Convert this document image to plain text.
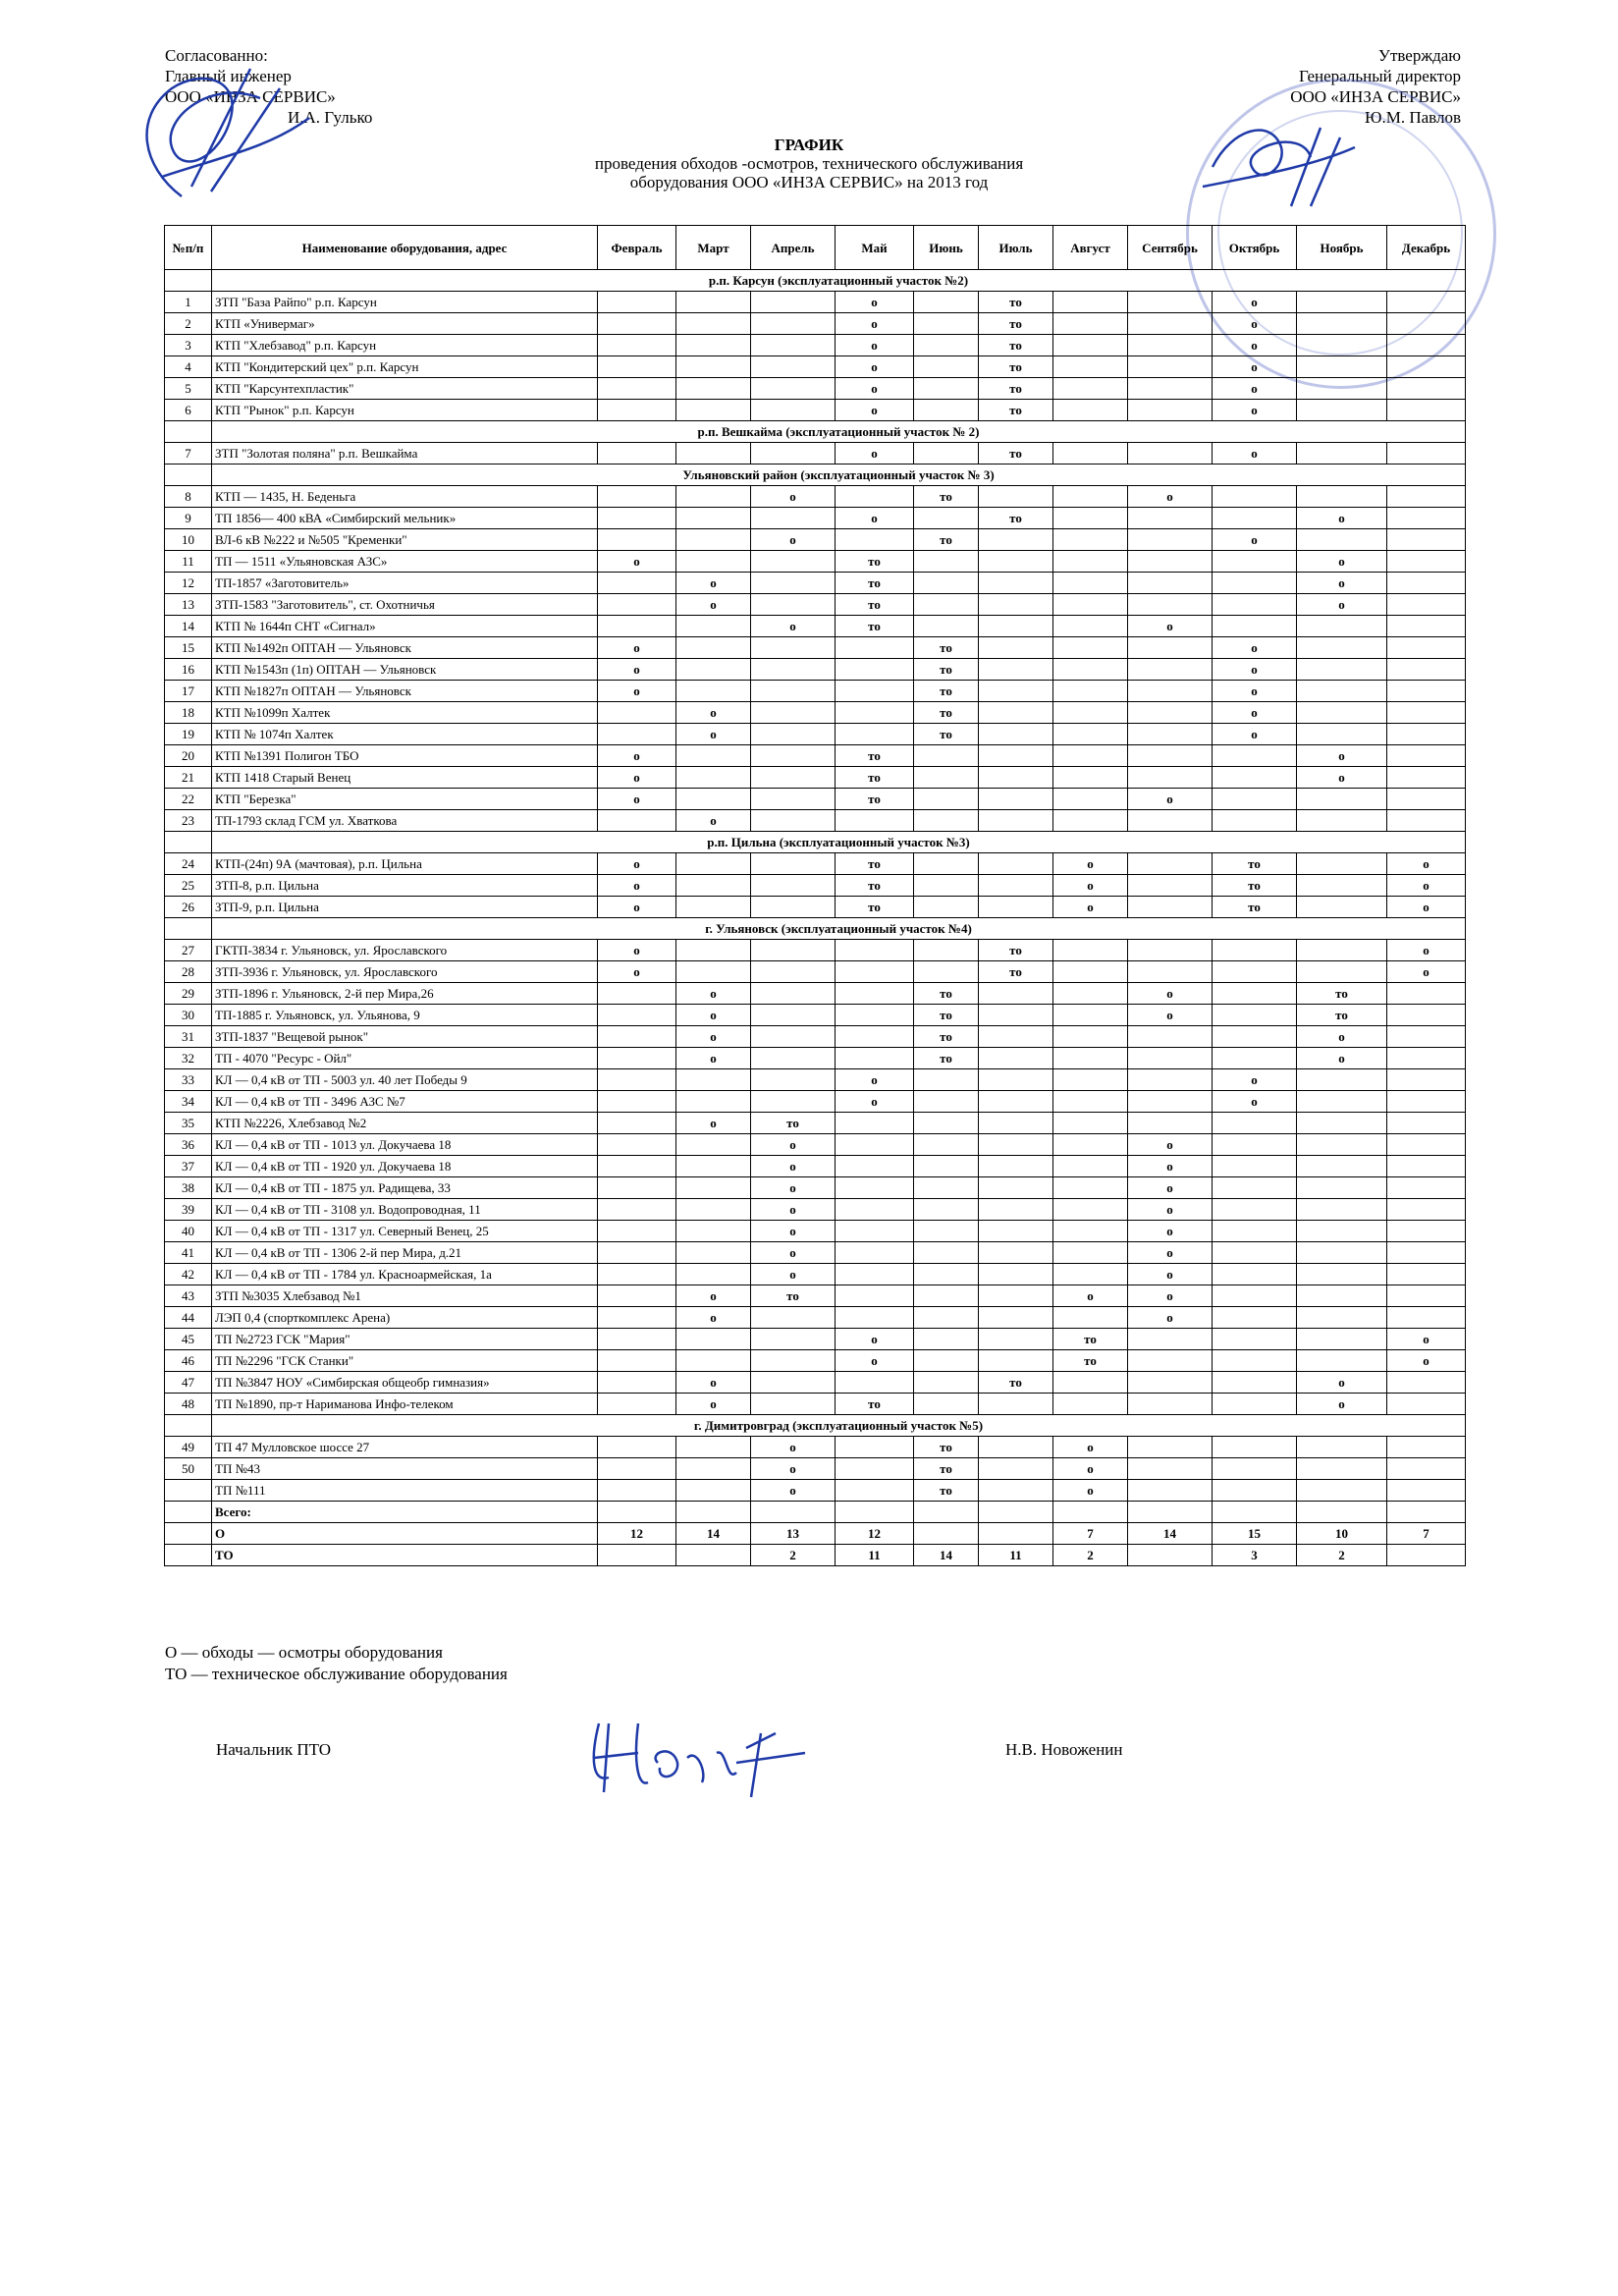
Согласованно:
Главный инженер
ООО «ИНЗА СЕРВИС»
И.А. Гулько
Утверждаю
Генеральный директор
ООО «ИНЗА СЕРВИС»
Ю.М. Павлов
ГРАФИК
проведения обходов -осмотров, технического обслуживания
оборудования ООО «ИНЗА СЕРВИС» на 2013 год
№п/п	Наименование оборудования, адрес	Февраль	Март	Апрель	Май	Июнь	Июль	Август	Сентябрь	Октябрь	Ноябрь	Декабрь
	р.п. Карсун (эксплуатационный участок №2)											
1	ЗТП "База Райпо" р.п. Карсун				о		то			о		
2	КТП «Универмаг»				о		то			о		
3	КТП "Хлебзавод" р.п. Карсун				о		то			о		
4	КТП "Кондитерский цех" р.п. Карсун				о		то			о		
5	КТП "Карсунтехпластик"				о		то			о		
6	КТП "Рынок" р.п. Карсун				о		то			о		
	р.п. Вешкайма (эксплуатационный участок № 2)											
7	ЗТП "Золотая поляна" р.п. Вешкайма				о		то			о		
	Ульяновский район (эксплуатационный участок № 3)											
8	КТП — 1435, Н. Беденьга			о		то			о			
9	ТП 1856— 400 кВА «Симбирский мельник»				о		то				о	
10	ВЛ-6 кВ №222 и №505 "Кременки"			о		то				о		
11	ТП — 1511 «Ульяновская АЗС»	о			то						о	
12	ТП-1857 «Заготовитель»		о		то						о	
13	ЗТП-1583 "Заготовитель", ст. Охотничья		о		то						о	
14	КТП № 1644п СНТ «Сигнал»			о	то				о			
15	КТП №1492п ОПТАН — Ульяновск	о				то				о		
16	КТП №1543п (1п) ОПТАН — Ульяновск	о				то				о		
17	КТП №1827п ОПТАН — Ульяновск	о				то				о		
18	КТП №1099п Халтек		о			то				о		
19	КТП № 1074п Халтек		о			то				о		
20	КТП №1391 Полигон ТБО	о			то						о	
21	КТП 1418 Старый Венец	о			то						о	
22	КТП "Березка"	о			то				о			
23	ТП-1793 склад ГСМ ул. Хваткова		о									
	р.п. Цильна (эксплуатационный участок №3)											
24	КТП-(24п) 9А (мачтовая), р.п. Цильна	о			то			о		то		о
25	ЗТП-8, р.п. Цильна	о			то			о		то		о
26	ЗТП-9, р.п. Цильна	о			то			о		то		о
	г. Ульяновск (эксплуатационный участок №4)											
27	ГКТП-3834 г. Ульяновск, ул. Ярославского	о					то					о
28	ЗТП-3936 г. Ульяновск, ул. Ярославского	о					то					о
29	ЗТП-1896 г. Ульяновск, 2-й пер Мира,26		о			то			о		то	
30	ТП-1885 г. Ульяновск, ул. Ульянова, 9		о			то			о		то	
31	ЗТП-1837 "Вещевой рынок"		о			то					о	
32	ТП - 4070 "Ресурс - Ойл"		о			то					о	
33	КЛ — 0,4 кВ от ТП - 5003 ул. 40 лет Победы 9				о					о		
34	КЛ — 0,4 кВ от ТП - 3496 АЗС №7				о					о		
35	КТП №2226, Хлебзавод №2		о	то								
36	КЛ — 0,4 кВ от ТП - 1013 ул. Докучаева 18			о					о			
37	КЛ — 0,4 кВ от ТП - 1920 ул. Докучаева 18			о					о			
38	КЛ — 0,4 кВ от ТП - 1875 ул. Радищева, 33			о					о			
39	КЛ — 0,4 кВ от ТП - 3108 ул. Водопроводная, 11			о					о			
40	КЛ — 0,4 кВ от ТП - 1317 ул. Северный Венец, 25			о					о			
41	КЛ — 0,4 кВ от ТП - 1306 2-й пер Мира, д.21			о					о			
42	КЛ — 0,4 кВ от ТП - 1784 ул. Красноармейская, 1а			о					о			
43	ЗТП №3035 Хлебзавод №1		о	то				о	о			
44	ЛЭП 0,4 (спорткомплекс Арена)		о						о			
45	ТП №2723 ГСК "Мария"				о			то				о
46	ТП №2296 "ГСК Станки"				о			то				о
47	ТП №3847 НОУ «Симбирская общеобр гимназия»		о				то				о	
48	ТП №1890, пр-т Нариманова Инфо-телеком		о		то						о	
	г. Димитровград (эксплуатационный участок №5)											
49	ТП 47 Мулловское шоссе 27			о		то		о				
50	ТП №43			о		то		о				
	ТП №111			о		то		о				
	Всего:											
	О	12	14	13	12			7	14	15	10	7
	ТО			2	11	14	11	2		3	2	
О — обходы — осмотры оборудования
ТО — техническое обслуживание оборудования
Начальник ПТО	Н.В. Новоженин
